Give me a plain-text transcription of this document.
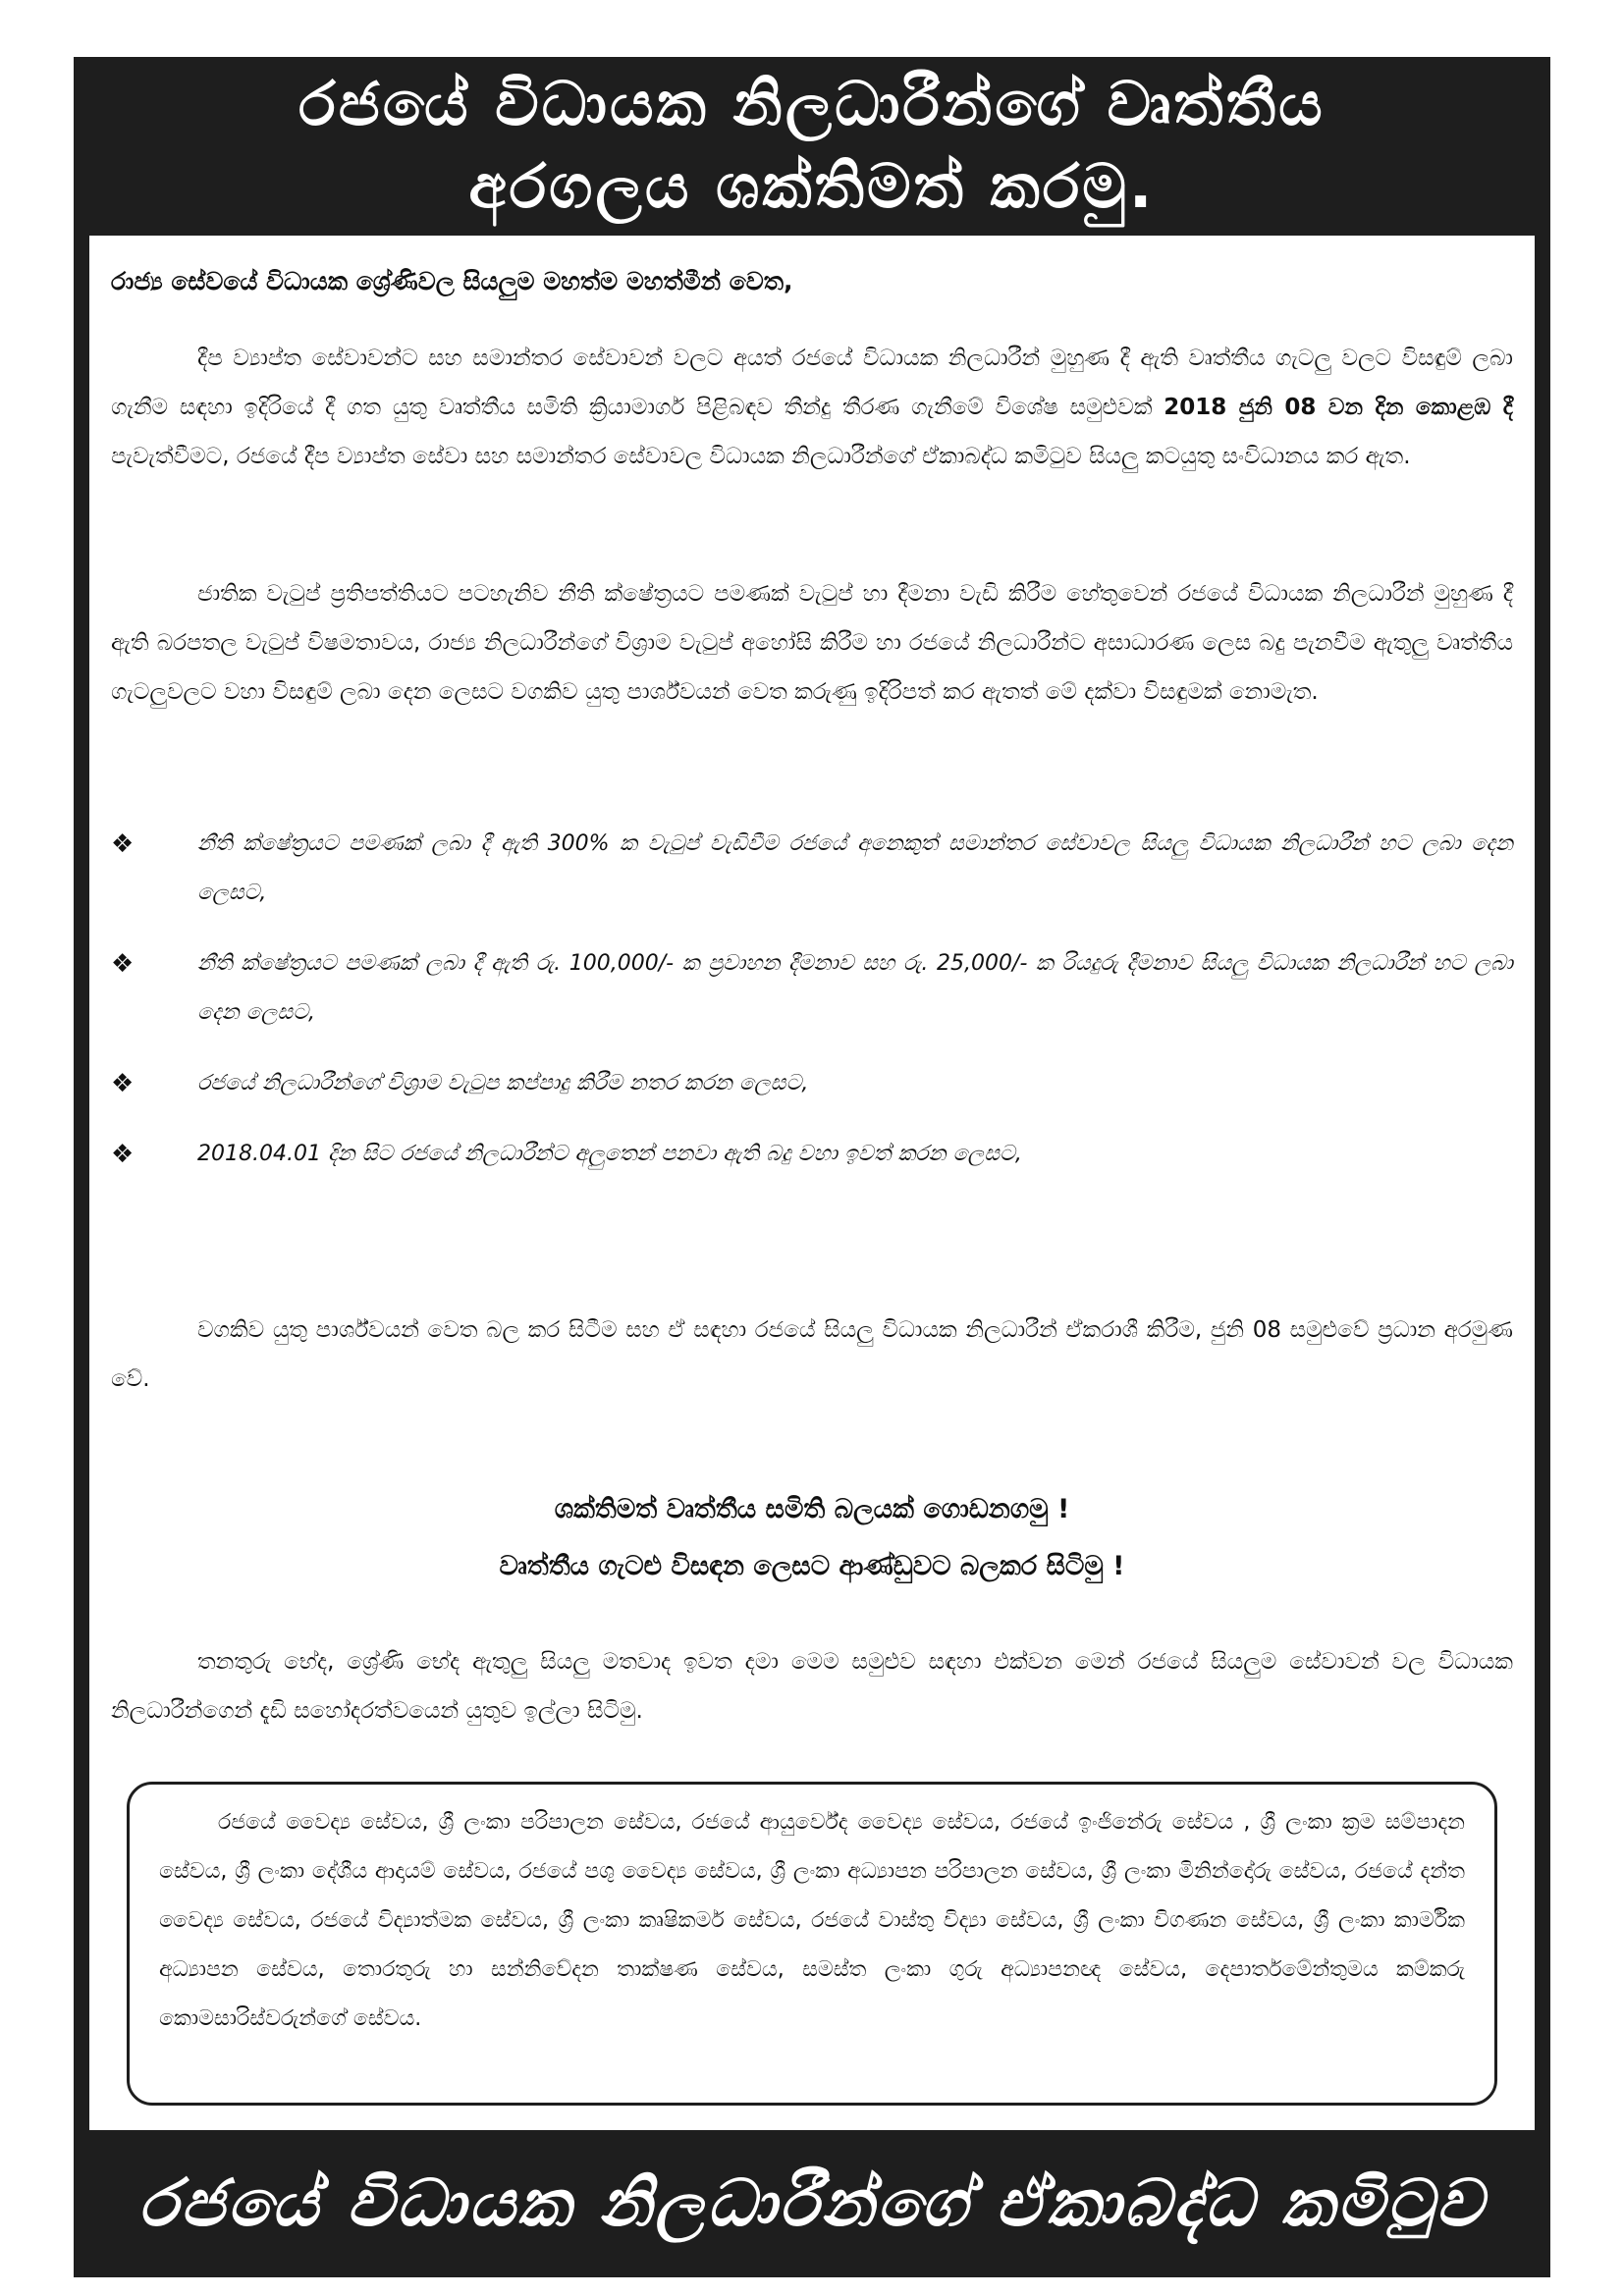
රජයේ විධායක නිලධාරීන්ගේ වෘත්තීය
අරගලය ශක්තිමත් කරමු.
රාජ්‍ය සේවයේ විධායක ශ්‍රේණිවල සියලුම මහත්ම මහත්මීන් වෙත,

දීප ව්‍යාප්ත සේවාවන්ට සහ සමාන්තර සේවාවන් වලට අයත් රජයේ විධායක නිලධාරීන් මුහුණ දී ඇති වෘත්තීය ගැටලු වලට විසඳුම් ලබා ගැනීම සඳහා ඉදිරියේ දී ගත යුතු වෘත්තීය සමිති ක්‍රියාමාර්ග පිළිබඳව තීන්දු තීරණ ගැනීමේ විශේෂ සමුළුවක් 2018 ජුනි 08 වන දින කොළඹ දී පැවැත්වීමට, රජයේ දීප ව්‍යාප්ත සේවා සහ සමාන්තර සේවාවල විධායක නිලධාරීන්ගේ ඒකාබද්ධ කමිටුව සියලු කටයුතු සංවිධානය කර ඇත.

ජාතික වැටුප් ප්‍රතිපත්තියට පටහැනිව නීති ක්ෂේත්‍රයට පමණක් වැටුප් හා දීමනා වැඩි කිරීම හේතුවෙන් රජයේ විධායක නිලධාරීන් මුහුණ දී ඇති බරපතල වැටුප් විෂමතාවය, රාජ්‍ය නිලධාරීන්ගේ විශ්‍රාම වැටුප් අහෝසි කිරීම හා රජයේ නිලධාරීන්ට අසාධාරණ ලෙස බදු පැනවීම ඇතුලු වෘත්තීය ගැටලුවලට වහා විසඳුම් ලබා දෙන ලෙසට වගකිව යුතු පාර්ශ්වයන් වෙත කරුණු ඉදිරිපත් කර ඇතත් මේ දක්වා විසඳුමක් නොමැත.

❖	නීති ක්ෂේත්‍රයට පමණක් ලබා දී ඇති 300% ක වැටුප් වැඩිවීම රජයේ අනෙකුත් සමාන්තර සේවාවල සියලු විධායක නිලධාරීන් හට ලබා දෙන ලෙසට,
❖	නීති ක්ෂේත්‍රයට පමණක් ලබා දී ඇති රු. 100,000/- ක ප්‍රවාහන දීමනාව සහ රු. 25,000/- ක රියදුරු දීමනාව සියලු විධායක නිලධාරීන් හට ලබා දෙන ලෙසට,
❖	රජයේ නිලධාරීන්ගේ විශ්‍රාම වැටුප කප්පාදු කිරීම නතර කරන ලෙසට,
❖	2018.04.01 දින සිට රජයේ නිලධාරීන්ට අලුතෙන් පනවා ඇති බදු වහා ඉවත් කරන ලෙසට,

වගකිව යුතු පාර්ශ්වයන් වෙත බල කර සිටීම සහ ඒ සඳහා රජයේ සියලු විධායක නිලධාරීන් ඒකරාශී කිරීම, ජුනි 08 සමුළුවේ ප්‍රධාන අරමුණ වේ.

ශක්තිමත් වෘත්තීය සමිති බලයක් ගොඩනගමු !
වෘත්තීය ගැටළු විසඳන ලෙසට ආණ්ඩුවට බලකර සිටිමු !

තනතුරු භේද, ශ්‍රේණි භේද ඇතුලු සියලු මතවාද ඉවත දමා මෙම සමුළුව සඳහා එක්වන මෙන් රජයේ සියලුම සේවාවන් වල විධායක නිලධාරීන්ගෙන් දැඩි සහෝදරත්වයෙන් යුතුව ඉල්ලා සිටිමු.

රජයේ වෛද්‍ය සේවය, ශ්‍රී ලංකා පරිපාලන සේවය, රජයේ ආයුර්වේද වෛද්‍ය සේවය, රජයේ ඉංජිනේරු සේවය , ශ්‍රී ලංකා ක්‍රම සම්පාදන සේවය, ශ්‍රී ලංකා දේශීය ආදායම් සේවය, රජයේ පශු වෛද්‍ය සේවය, ශ්‍රී ලංකා අධ්‍යාපන පරිපාලන සේවය, ශ්‍රී ලංකා මිනින්දෝරු සේවය, රජයේ දන්ත වෛද්‍ය සේවය, රජයේ විද්‍යාත්මක සේවය, ශ්‍රී ලංකා කෘෂිකර්ම සේවය, රජයේ වාස්තු විද්‍යා සේවය, ශ්‍රී ලංකා විගණන සේවය, ශ්‍රී ලංකා කාර්මික අධ්‍යාපන සේවය, තොරතුරු හා සන්නිවේදන තාක්ෂණ සේවය, සමස්ත ලංකා ගුරු අධ්‍යාපනඥ සේවය, දෙපාර්තමේන්තුමය කම්කරු කොමසාරිස්වරුන්ගේ සේවය.

රජයේ විධායක නිලධාරීන්ගේ ඒකාබද්ධ කමිටුව
